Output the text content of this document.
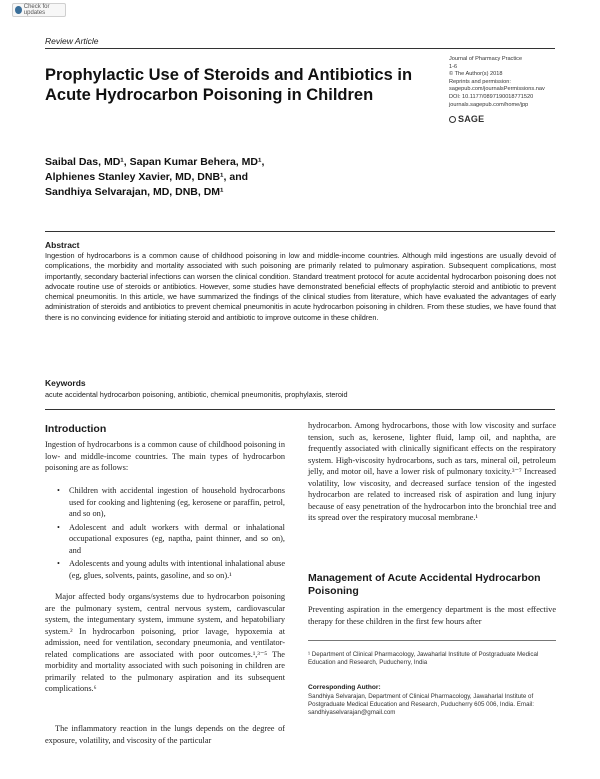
Check for updates
Review Article
Prophylactic Use of Steroids and Antibiotics in Acute Hydrocarbon Poisoning in Children
Journal of Pharmacy Practice
1-6
© The Author(s) 2018
Reprints and permission:
sagepub.com/journalsPermissions.nav
DOI: 10.1177/0897190018771520
journals.sagepub.com/home/jpp
SAGE
Saibal Das, MD¹, Sapan Kumar Behera, MD¹,
Alphienes Stanley Xavier, MD, DNB¹, and
Sandhiya Selvarajan, MD, DNB, DM¹
Abstract
Ingestion of hydrocarbons is a common cause of childhood poisoning in low and middle-income countries. Although mild ingestions are usually devoid of complications, the morbidity and mortality associated with such poisoning are primarily related to pulmonary aspiration. Subsequent complications, most importantly, secondary bacterial infections can worsen the clinical condition. Standard treatment protocol for acute accidental hydrocarbon poisoning does not advocate routine use of steroids or antibiotics. However, some studies have demonstrated beneficial effects of prophylactic steroid and antibiotic to prevent chemical pneumonitis. In this article, we have summarized the findings of the clinical studies from literature, which have evaluated the advantages of early administration of steroids and antibiotics to prevent chemical pneumonitis in acute hydrocarbon poisoning in children. From these studies, we have found that there is no convincing evidence for initiating steroid and antibiotic to improve outcome in these children.
Keywords
acute accidental hydrocarbon poisoning, antibiotic, chemical pneumonitis, prophylaxis, steroid
Introduction
Ingestion of hydrocarbons is a common cause of childhood poisoning in low- and middle-income countries. The main types of hydrocarbon poisoning are as follows:
• Children with accidental ingestion of household hydrocarbons used for cooking and lightening (eg, kerosene or paraffin, petrol, and so on),
• Adolescent and adult workers with dermal or inhalational occupational exposures (eg, naptha, paint thinner, and so on), and
• Adolescents and young adults with intentional inhalational abuse (eg, glues, solvents, paints, gasoline, and so on).¹
Major affected body organs/systems due to hydrocarbon poisoning are the pulmonary system, central nervous system, cardiovascular system, the integumentary system, immune system, and hepatobiliary system.² In hydrocarbon poisoning, prior lavage, hypoxemia at admission, need for ventilation, secondary pneumonia, and ventilator-related complications are associated with poor outcomes.¹,³⁻⁵ The morbidity and mortality associated with such poisoning in children are primarily related to the pulmonary aspiration and its subsequent complications.⁶
The inflammatory reaction in the lungs depends on the degree of exposure, volatility, and viscosity of the particular
hydrocarbon. Among hydrocarbons, those with low viscosity and surface tension, such as, kerosene, lighter fluid, lamp oil, and naphtha, are frequently associated with clinically significant effects on the respiratory system. High-viscosity hydrocarbons, such as tars, mineral oil, petroleum jelly, and motor oil, have a lower risk of pulmonary toxicity.³⁻⁷ Increased volatility, low viscosity, and decreased surface tension of the ingested hydrocarbon are related to increased risk of aspiration and lung injury because of easy penetration of the hydrocarbon into the bronchial tree and its spread over the respiratory mucosal membrane.¹
Management of Acute Accidental Hydrocarbon Poisoning
Preventing aspiration in the emergency department is the most effective therapy for these children in the first few hours after
¹ Department of Clinical Pharmacology, Jawaharlal Institute of Postgraduate Medical Education and Research, Puducherry, India
Corresponding Author:
Sandhiya Selvarajan, Department of Clinical Pharmacology, Jawaharlal Institute of Postgraduate Medical Education and Research, Puducherry 605 006, India. Email: sandhiyaselvarajan@gmail.com
